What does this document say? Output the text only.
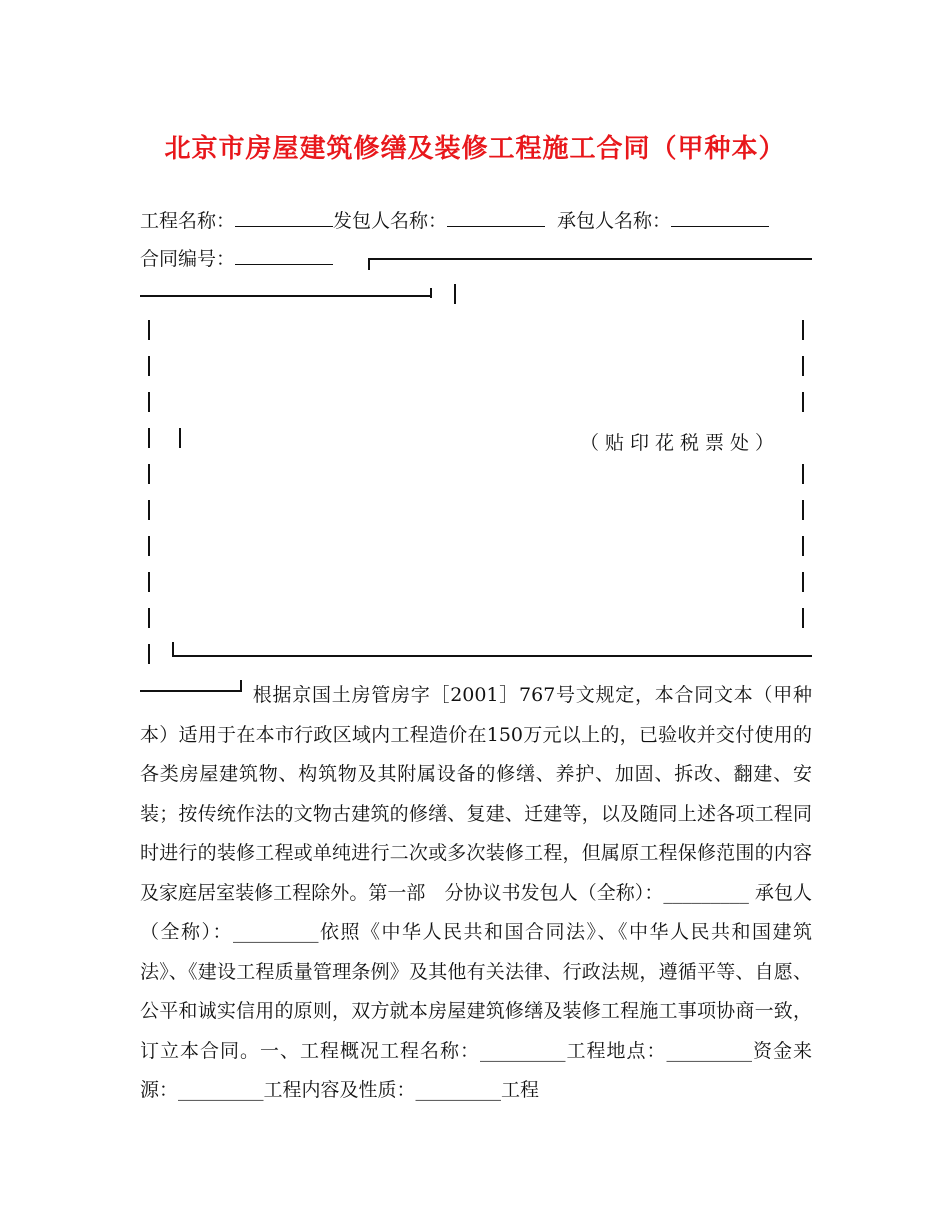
北京市房屋建筑修缮及装修工程施工合同（甲种本）
工程名称：	发包人名称：	承包人名称：
合同编号：
（贴印花税票处）
根据京国土房管房字［2001］767号文规定，本合同文本（甲种本）适用于在本市行政区域内工程造价在150万元以上的，已验收并交付使用的各类房屋建筑物、构筑物及其附属设备的修缮、养护、加固、拆改、翻建、安装；按传统作法的文物古建筑的修缮、复建、迁建等，以及随同上述各项工程同时进行的装修工程或单纯进行二次或多次装修工程，但属原工程保修范围的内容及家庭居室装修工程除外。第一部　分协议书发包人（全称）：_________ 承包人（全称）：_________依照《中华人民共和国合同法》、《中华人民共和国建筑法》、《建设工程质量管理条例》及其他有关法律、行政法规，遵循平等、自愿、公平和诚实信用的原则，双方就本房屋建筑修缮及装修工程施工事项协商一致，订立本合同。一、工程概况工程名称：_________工程地点：_________资金来源：_________工程内容及性质：_________工程
